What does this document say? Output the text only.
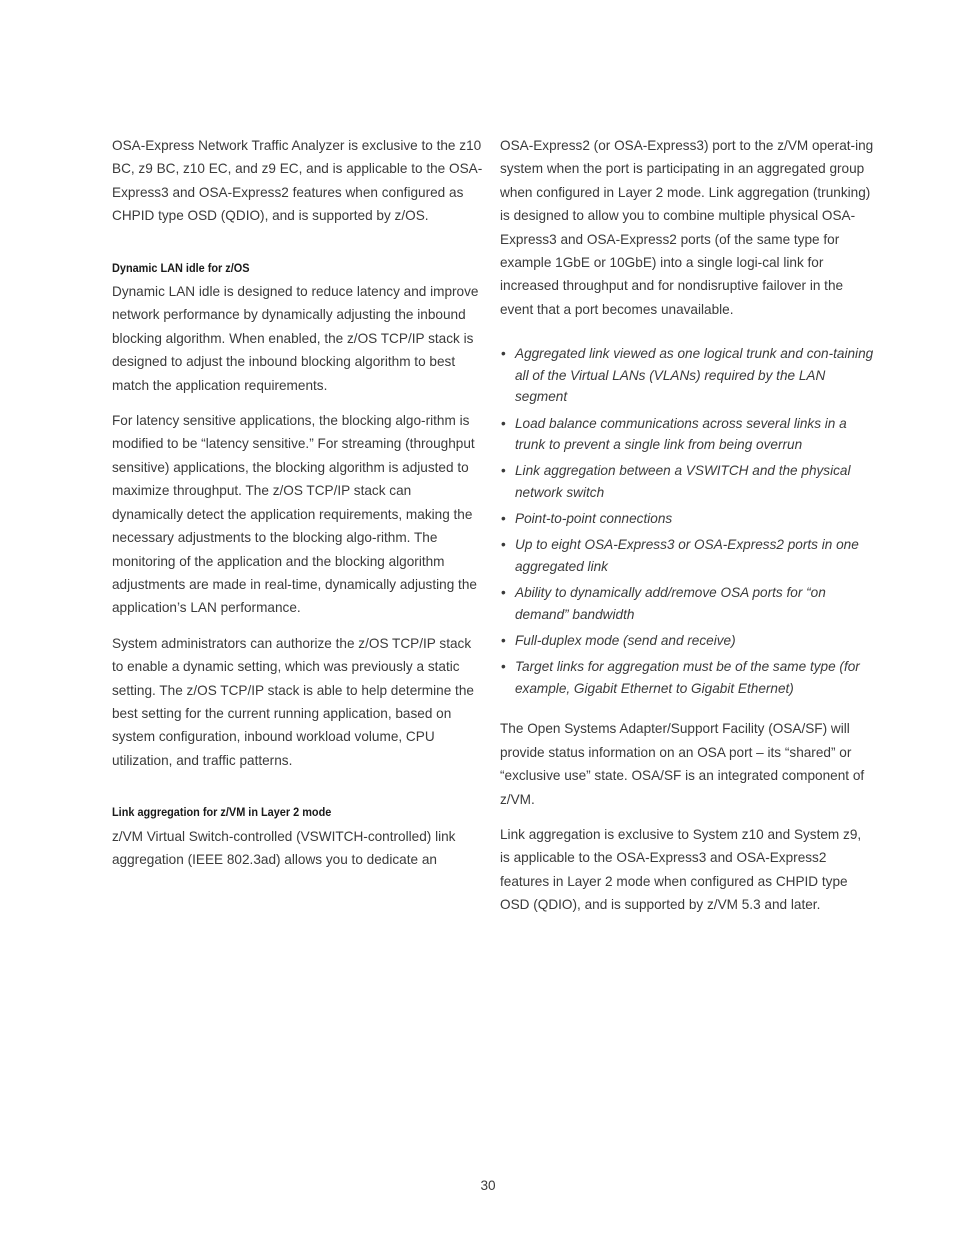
OSA-Express Network Traffic Analyzer is exclusive to the z10 BC, z9 BC, z10 EC, and z9 EC, and is applicable to the OSA-Express3 and OSA-Express2 features when configured as CHPID type OSD (QDIO), and is supported by z/OS.

Dynamic LAN idle for z/OS

Dynamic LAN idle is designed to reduce latency and improve network performance by dynamically adjusting the inbound blocking algorithm. When enabled, the z/OS TCP/IP stack is designed to adjust the inbound blocking algorithm to best match the application requirements.

For latency sensitive applications, the blocking algo-rithm is modified to be “latency sensitive.” For streaming (throughput sensitive) applications, the blocking algorithm is adjusted to maximize throughput. The z/OS TCP/IP stack can dynamically detect the application requirements, making the necessary adjustments to the blocking algo-rithm. The monitoring of the application and the blocking algorithm adjustments are made in real-time, dynamically adjusting the application’s LAN performance.

System administrators can authorize the z/OS TCP/IP stack to enable a dynamic setting, which was previously a static setting. The z/OS TCP/IP stack is able to help determine the best setting for the current running application, based on system configuration, inbound workload volume, CPU utilization, and traffic patterns.

Link aggregation for z/VM in Layer 2 mode

z/VM Virtual Switch-controlled (VSWITCH-controlled) link aggregation (IEEE 802.3ad) allows you to dedicate an

OSA-Express2 (or OSA-Express3) port to the z/VM operat-ing system when the port is participating in an aggregated group when configured in Layer 2 mode. Link aggregation (trunking) is designed to allow you to combine multiple physical OSA-Express3 and OSA-Express2 ports (of the same type for example 1GbE or 10GbE) into a single logi-cal link for increased throughput and for nondisruptive failover in the event that a port becomes unavailable.

• Aggregated link viewed as one logical trunk and con-taining all of the Virtual LANs (VLANs) required by the LAN segment
• Load balance communications across several links in a trunk to prevent a single link from being overrun
• Link aggregation between a VSWITCH and the physical network switch
• Point-to-point connections
• Up to eight OSA-Express3 or OSA-Express2 ports in one aggregated link
• Ability to dynamically add/remove OSA ports for “on demand” bandwidth
• Full-duplex mode (send and receive)
• Target links for aggregation must be of the same type (for example, Gigabit Ethernet to Gigabit Ethernet)

The Open Systems Adapter/Support Facility (OSA/SF) will provide status information on an OSA port – its “shared” or “exclusive use” state. OSA/SF is an integrated component of z/VM.

Link aggregation is exclusive to System z10 and System z9, is applicable to the OSA-Express3 and OSA-Express2 features in Layer 2 mode when configured as CHPID type OSD (QDIO), and is supported by z/VM 5.3 and later.

30
